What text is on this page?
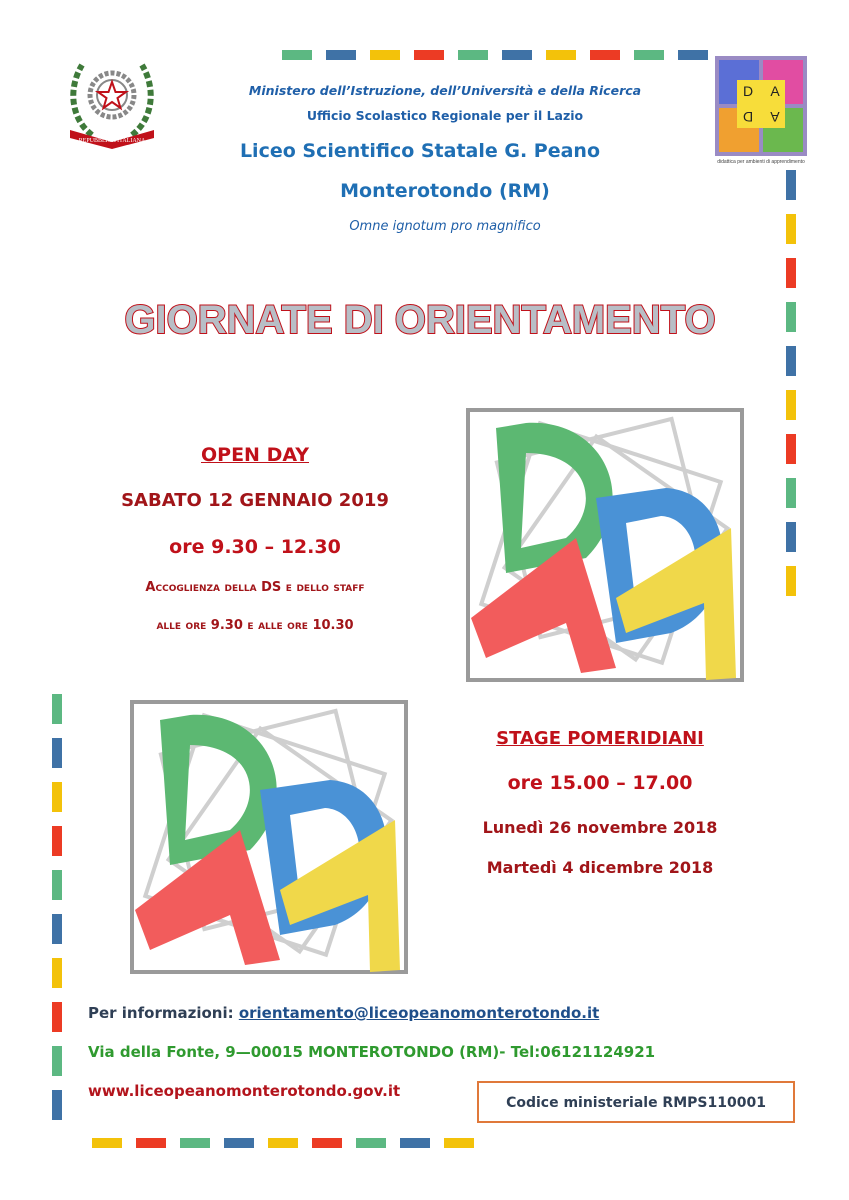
REPUBBLICA ITALIANA
Ministero dell’Istruzione, dell’Università e della Ricerca
Ufficio Scolastico Regionale per il Lazio
Liceo Scientifico Statale G. Peano
Monterotondo (RM)
Omne ignotum pro magnifico
D A
D A
didattica per ambienti di apprendimento
GIORNATE DI ORIENTAMENTO
OPEN DAY
SABATO 12 GENNAIO 2019
ore 9.30 – 12.30
Accoglienza della DS e dello staff
alle ore 9.30 e alle ore 10.30
STAGE POMERIDIANI
ore 15.00 – 17.00
Lunedì 26 novembre 2018
Martedì 4 dicembre 2018
Per informazioni: orientamento@liceopeanomonterotondo.it
Via della Fonte, 9—00015 MONTEROTONDO (RM)- Tel:06121124921
www.liceopeanomonterotondo.gov.it
Codice ministeriale RMPS110001
